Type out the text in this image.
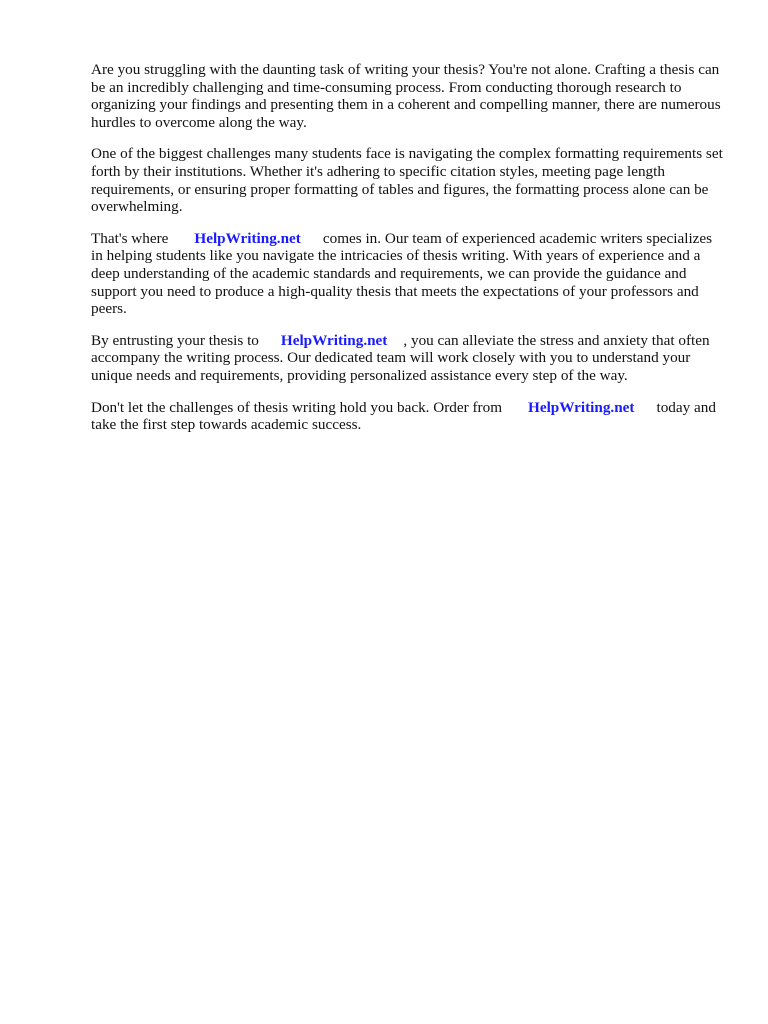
Are you struggling with the daunting task of writing your thesis? You're not alone. Crafting a thesis can be an incredibly challenging and time-consuming process. From conducting thorough research to organizing your findings and presenting them in a coherent and compelling manner, there are numerous hurdles to overcome along the way.

One of the biggest challenges many students face is navigating the complex formatting requirements set forth by their institutions. Whether it's adhering to specific citation styles, meeting page length requirements, or ensuring proper formatting of tables and figures, the formatting process alone can be overwhelming.

That's where HelpWriting.net comes in. Our team of experienced academic writers specializes in helping students like you navigate the intricacies of thesis writing. With years of experience and a deep understanding of the academic standards and requirements, we can provide the guidance and support you need to produce a high-quality thesis that meets the expectations of your professors and peers.

By entrusting your thesis to HelpWriting.net , you can alleviate the stress and anxiety that often accompany the writing process. Our dedicated team will work closely with you to understand your unique needs and requirements, providing personalized assistance every step of the way.

Don't let the challenges of thesis writing hold you back. Order from HelpWriting.net today and take the first step towards academic success.
